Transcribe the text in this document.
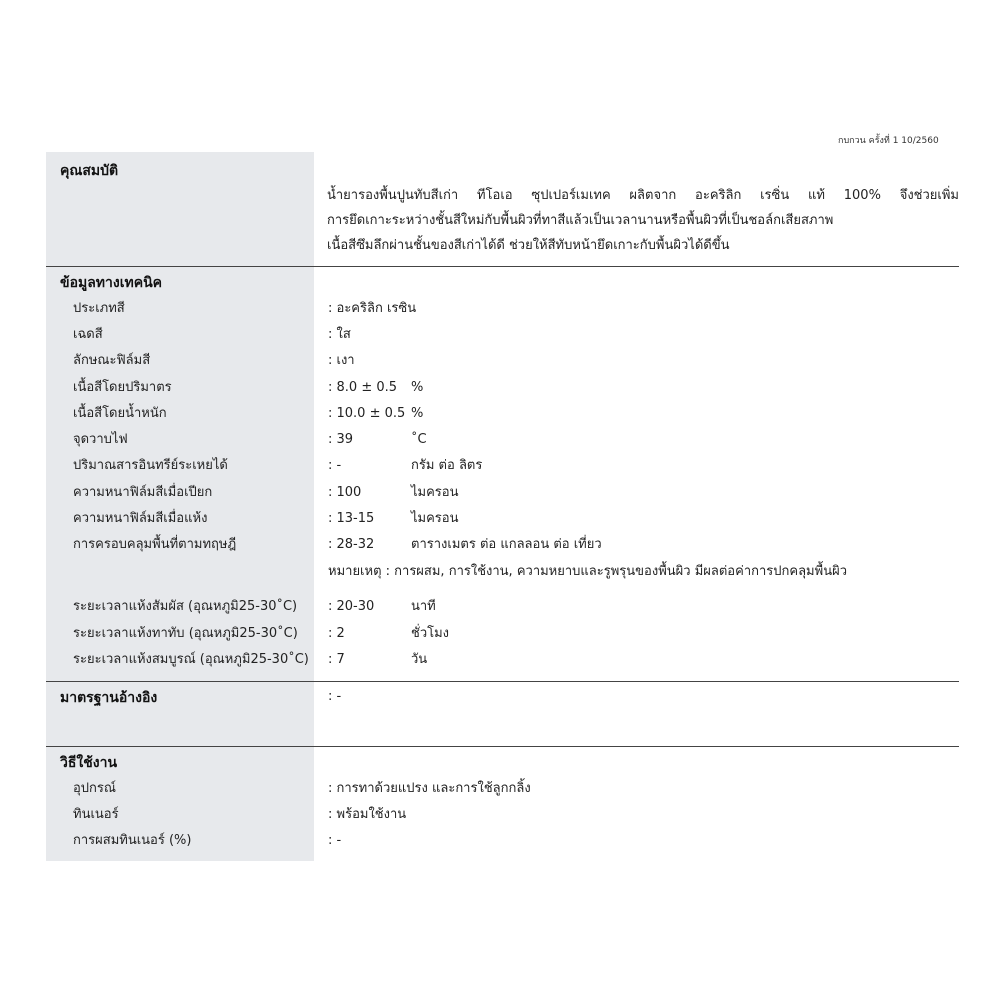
กบกวน ครั้งที่ 1 10/2560
คุณสมบัติ
น้ำยารองพื้นปูนทับสีเก่า ทีโอเอ ซุปเปอร์เมเทค ผลิตจาก อะคริลิก เรซิ่น แท้ 100% จึงช่วยเพิ่ม
การยึดเกาะระหว่างชั้นสีใหม่กับพื้นผิวที่ทาสีแล้วเป็นเวลานานหรือพื้นผิวที่เป็นชอล์กเสียสภาพ
เนื้อสีซึมลึกผ่านชั้นของสีเก่าได้ดี ช่วยให้สีทับหน้ายึดเกาะกับพื้นผิวได้ดีขึ้น
ข้อมูลทางเทคนิค
ประเภทสี	: อะคริลิก เรซิน
เฉดสี	: ใส
ลักษณะฟิล์มสี	: เงา
เนื้อสีโดยปริมาตร	: 8.0 ± 0.5 %
เนื้อสีโดยน้ำหนัก	: 10.0 ± 0.5 %
จุดวาบไฟ	: 39	˚C
ปริมาณสารอินทรีย์ระเหยได้	: -	กรัม ต่อ ลิตร
ความหนาฟิล์มสีเมื่อเปียก	: 100	ไมครอน
ความหนาฟิล์มสีเมื่อแห้ง	: 13-15	ไมครอน
การครอบคลุมพื้นที่ตามทฤษฎี	: 28-32	ตารางเมตร ต่อ แกลลอน ต่อ เที่ยว
หมายเหตุ : การผสม, การใช้งาน, ความหยาบและรูพรุนของพื้นผิว มีผลต่อค่าการปกคลุมพื้นผิว
ระยะเวลาแห้งสัมผัส (อุณหภูมิ25-30˚C) : 20-30	นาที
ระยะเวลาแห้งทาทับ (อุณหภูมิ25-30˚C) : 2	ชั่วโมง
ระยะเวลาแห้งสมบูรณ์ (อุณหภูมิ25-30˚C) : 7	วัน
มาตรฐานอ้างอิง	: -
วิธีใช้งาน
อุปกรณ์	: การทาด้วยแปรง และการใช้ลูกกลิ้ง
ทินเนอร์	: พร้อมใช้งาน
การผสมทินเนอร์ (%)	: -
